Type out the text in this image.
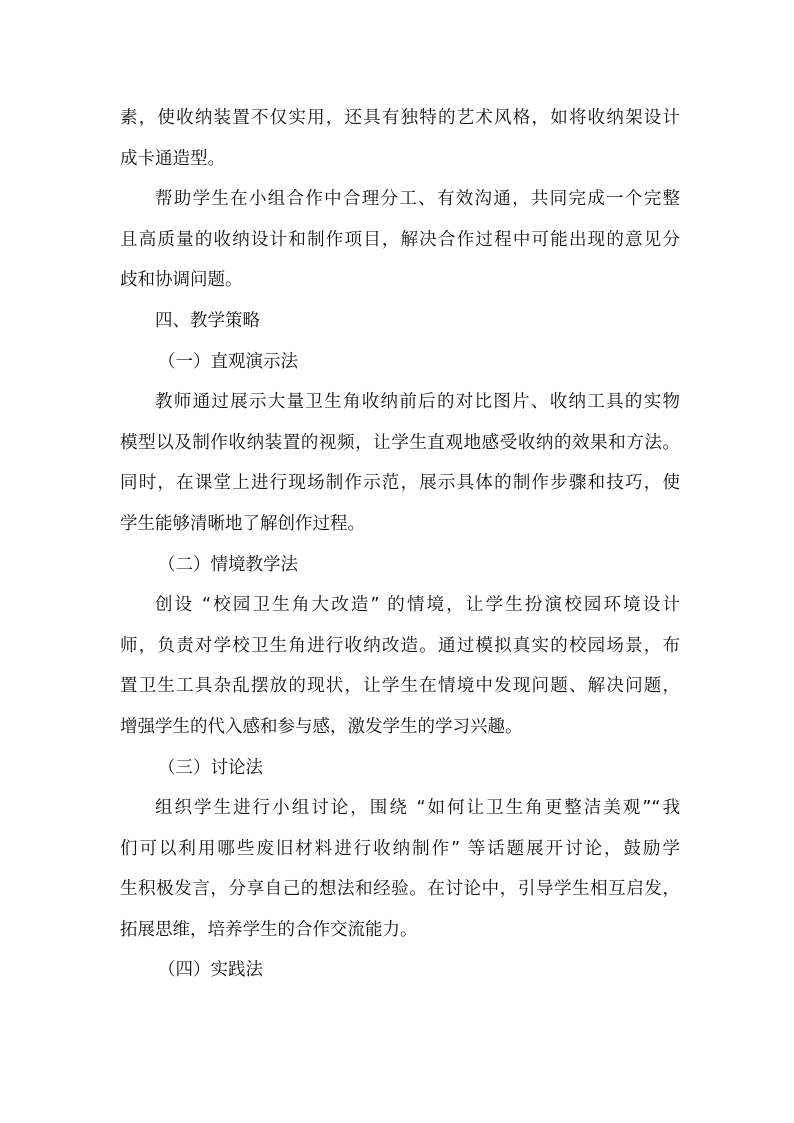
素，使收纳装置不仅实用，还具有独特的艺术风格，如将收纳架设计
成卡通造型。
帮助学生在小组合作中合理分工、有效沟通，共同完成一个完整
且高质量的收纳设计和制作项目，解决合作过程中可能出现的意见分
歧和协调问题。
四、教学策略
（一）直观演示法
教师通过展示大量卫生角收纳前后的对比图片、收纳工具的实物
模型以及制作收纳装置的视频，让学生直观地感受收纳的效果和方法。
同时，在课堂上进行现场制作示范，展示具体的制作步骤和技巧，使
学生能够清晰地了解创作过程。
（二）情境教学法
创设 “校园卫生角大改造” 的情境，让学生扮演校园环境设计
师，负责对学校卫生角进行收纳改造。通过模拟真实的校园场景，布
置卫生工具杂乱摆放的现状，让学生在情境中发现问题、解决问题，
增强学生的代入感和参与感，激发学生的学习兴趣。
（三）讨论法
组织学生进行小组讨论，围绕 “如何让卫生角更整洁美观”“我
们可以利用哪些废旧材料进行收纳制作” 等话题展开讨论，鼓励学
生积极发言，分享自己的想法和经验。在讨论中，引导学生相互启发，
拓展思维，培养学生的合作交流能力。
（四）实践法
